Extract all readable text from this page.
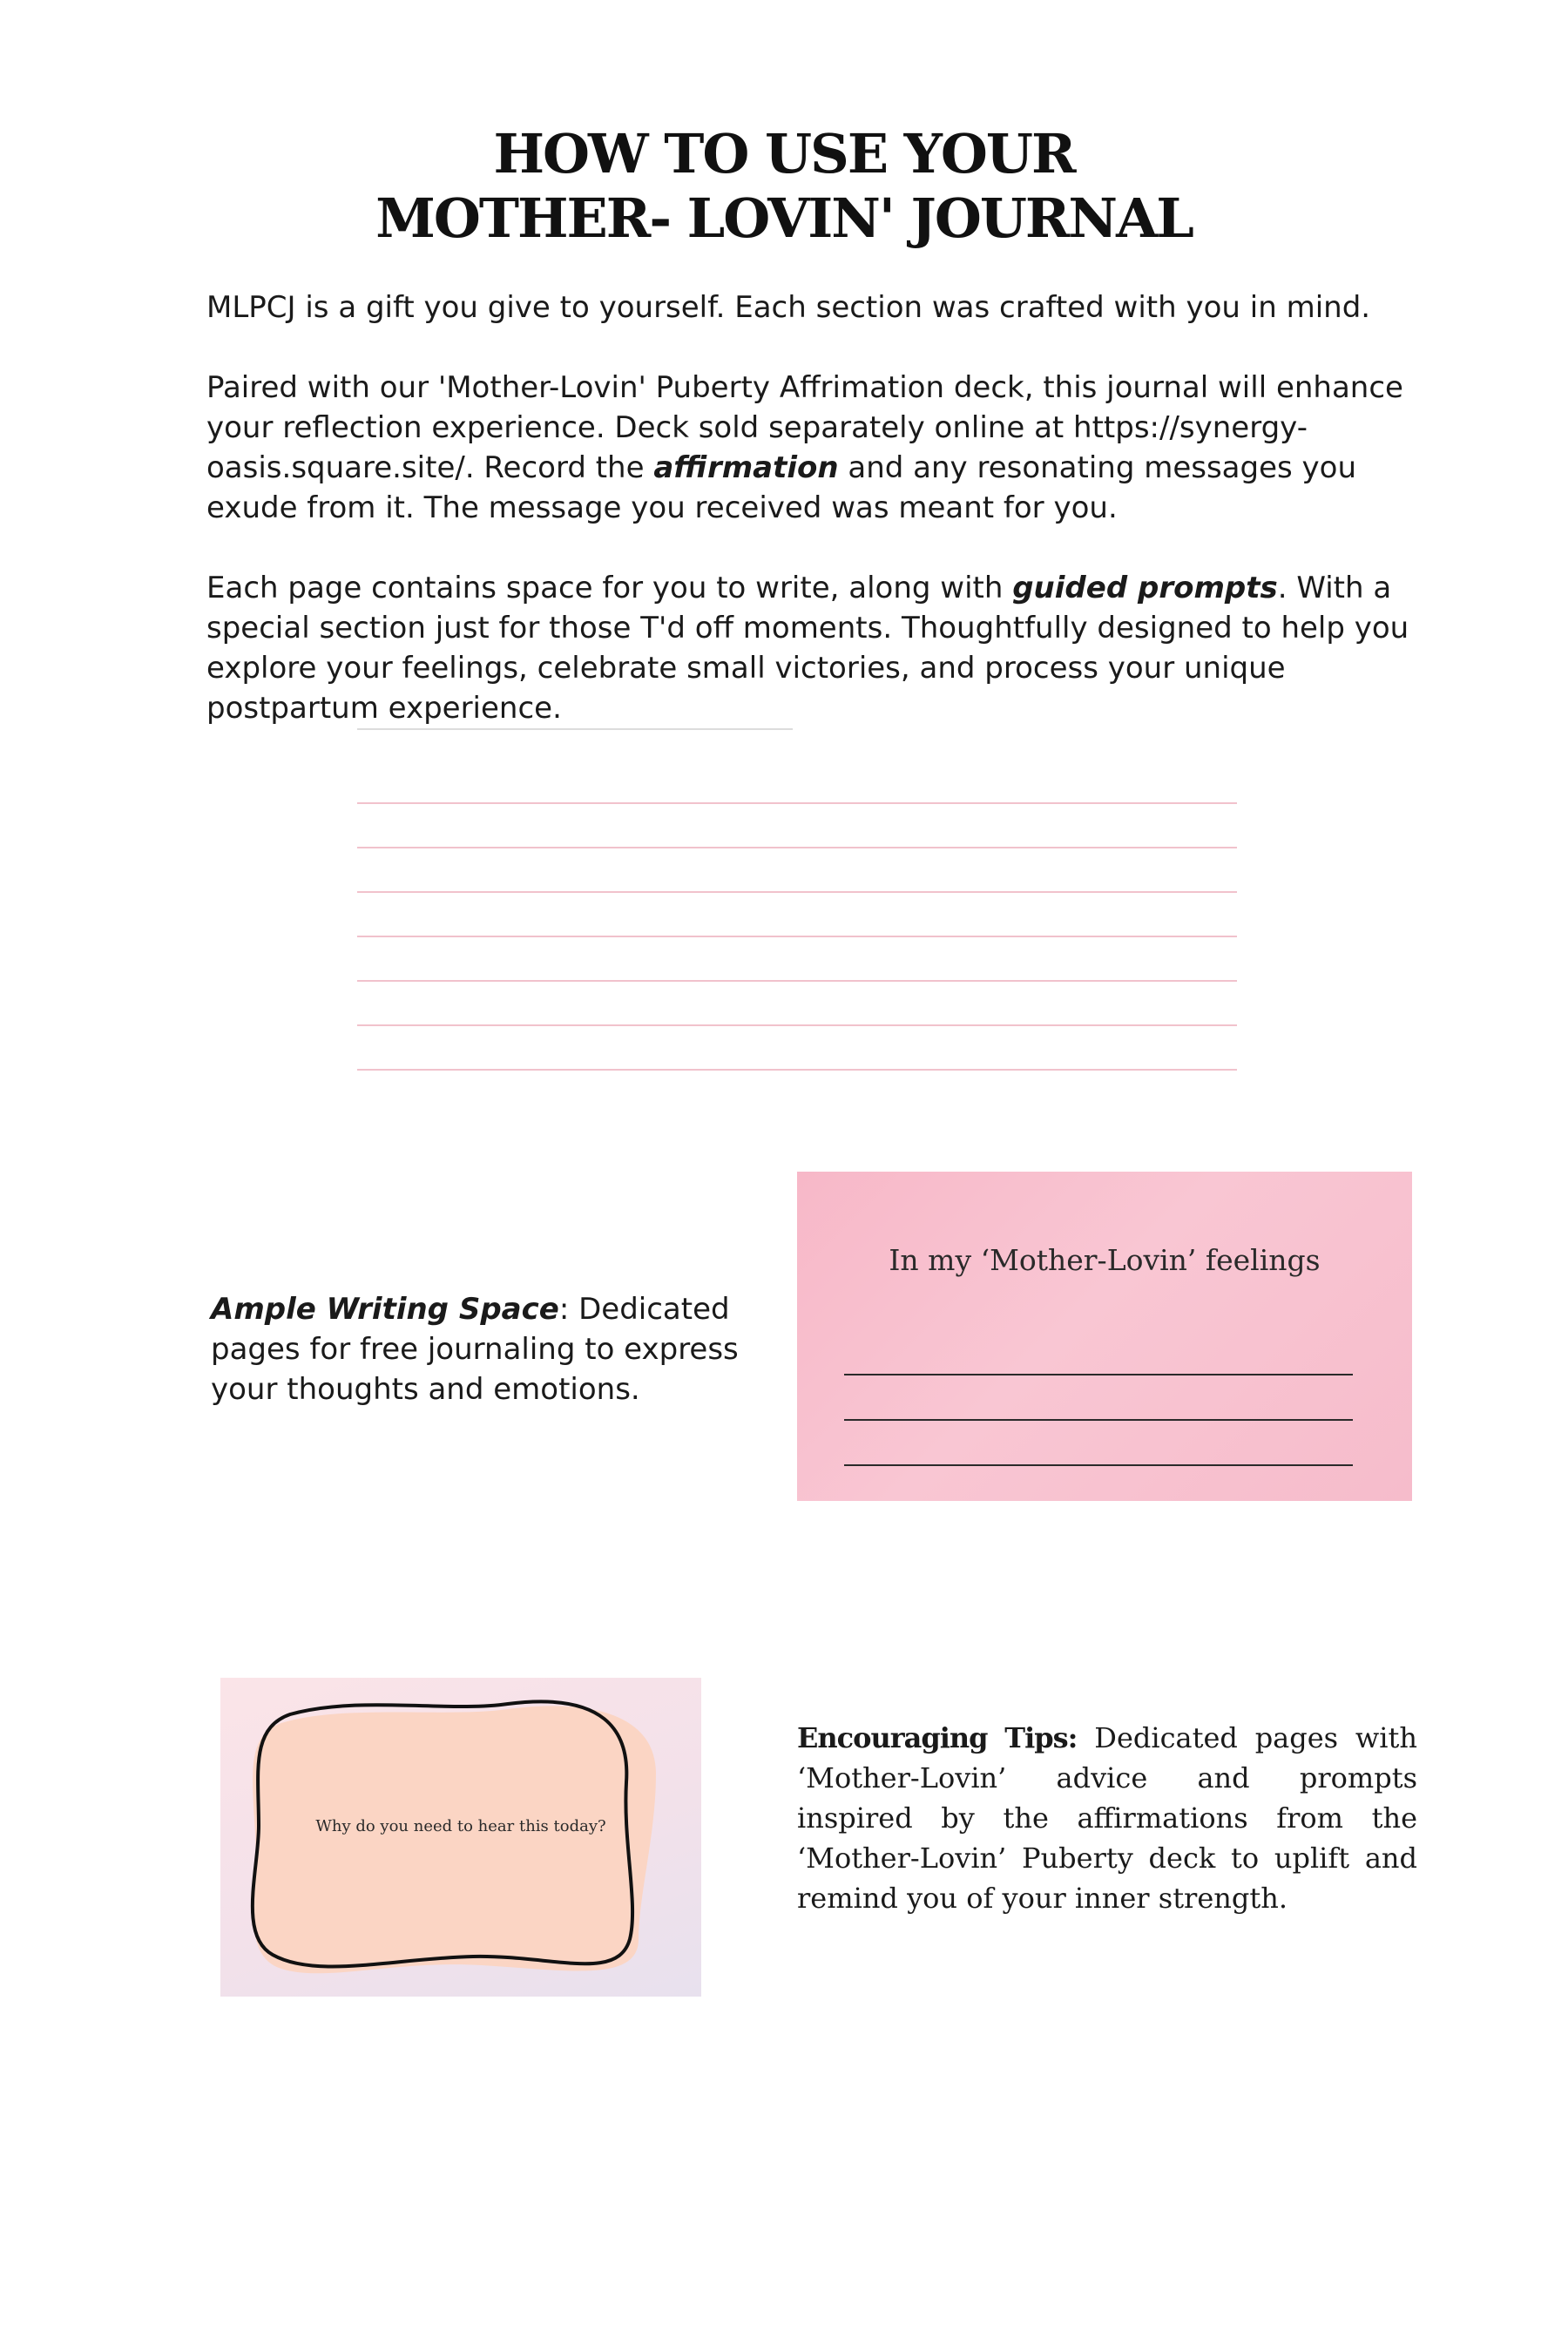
HOW TO USE YOUR
MOTHER- LOVIN' JOURNAL

MLPCJ is a gift you give to yourself. Each section was crafted with you in mind.

Paired with our 'Mother-Lovin' Puberty Affrimation deck, this journal will enhance your reflection experience. Deck sold separately online at https://synergy-oasis.square.site/. Record the affirmation and any resonating messages you exude from it. The message you received was meant for you.

Each page contains space for you to write, along with guided prompts. With a special section just for those T'd off moments. Thoughtfully designed to help you explore your feelings, celebrate small victories, and process your unique postpartum experience.

Ample Writing Space: Dedicated pages for free journaling to express your thoughts and emotions.
In my ‘Mother-Lovin’ feelings
Why do you need to hear this today?
Encouraging Tips: Dedicated pages with ‘Mother-Lovin’ advice and prompts inspired by the affirmations from the ‘Mother-Lovin’ Puberty deck to uplift and remind you of your inner strength.
